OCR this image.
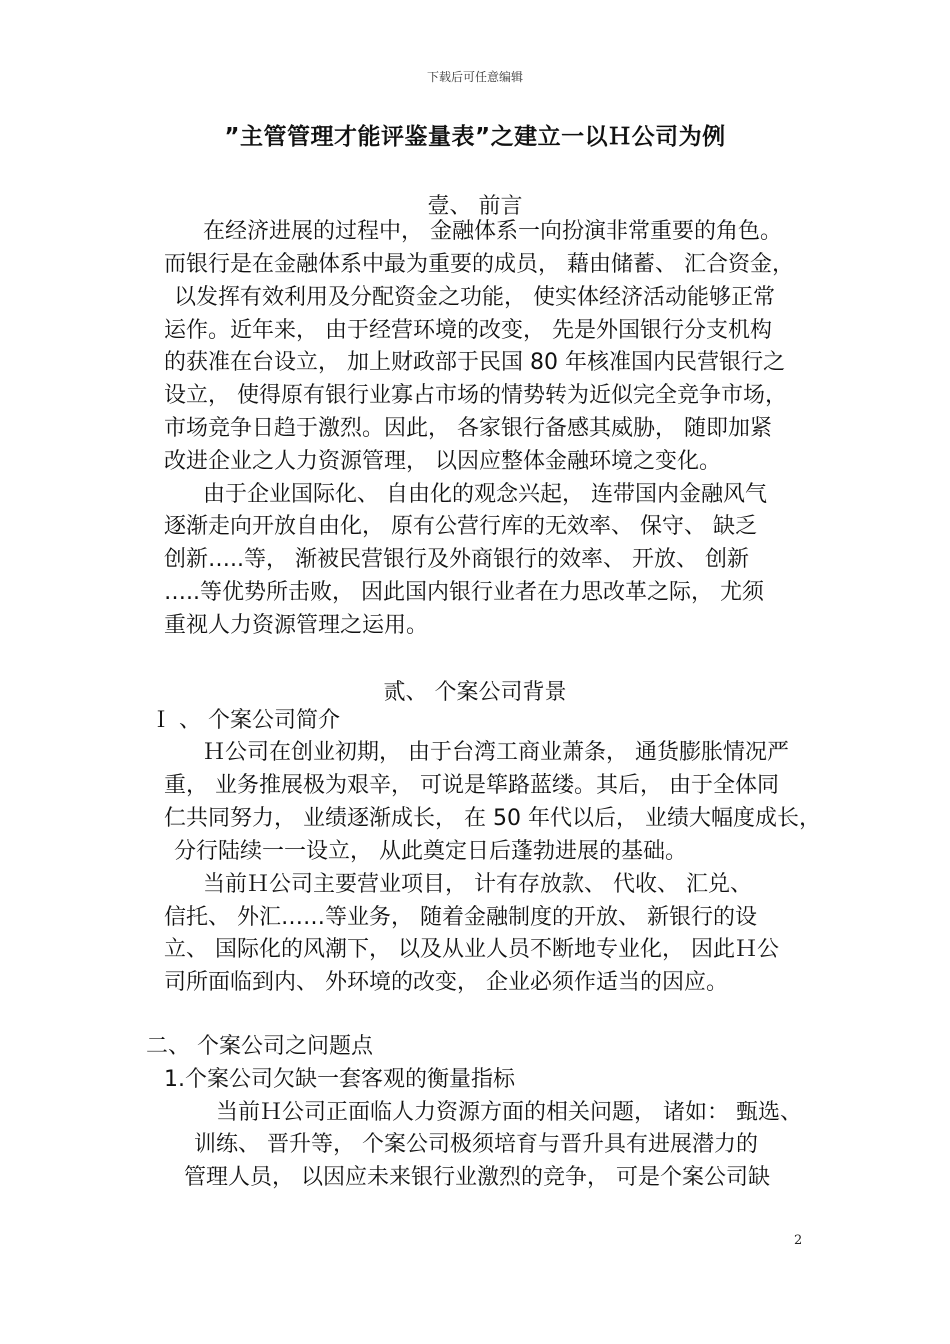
下载后可任意编辑
”主管管理才能评鉴量表”之建立一以Ｈ公司为例
壹、 前言
在经济进展的过程中， 金融体系一向扮演非常重要的角色。
而银行是在金融体系中最为重要的成员， 藉由储蓄、 汇合资金，
以发挥有效利用及分配资金之功能， 使实体经济活动能够正常
运作。近年来， 由于经营环境的改变， 先是外国银行分支机构
的获准在台设立， 加上财政部于民国 80 年核准国内民营银行之
设立， 使得原有银行业寡占市场的情势转为近似完全竞争市场，
市场竞争日趋于激烈。因此， 各家银行备感其威胁， 随即加紧
改进企业之人力资源管理， 以因应整体金融环境之变化。
由于企业国际化、 自由化的观念兴起， 连带国内金融风气
逐渐走向开放自由化， 原有公营行库的无效率、 保守、 缺乏
创新…..等， 渐被民营银行及外商银行的效率、 开放、 创新
…..等优势所击败， 因此国内银行业者在力思改革之际， 尤须
重视人力资源管理之运用。
贰、 个案公司背景
Ｉ 、 个案公司简介
Ｈ公司在创业初期， 由于台湾工商业萧条， 通货膨胀情况严
重， 业务推展极为艰辛， 可说是筚路蓝缕。其后， 由于全体同
仁共同努力， 业绩逐渐成长， 在 50 年代以后， 业绩大幅度成长，
分行陆续一一设立， 从此奠定日后蓬勃进展的基础。
当前Ｈ公司主要营业项目， 计有存放款、 代收、 汇兑、
信托、 外汇……等业务， 随着金融制度的开放、 新银行的设
立、 国际化的风潮下， 以及从业人员不断地专业化， 因此Ｈ公
司所面临到内、 外环境的改变， 企业必须作适当的因应。
二、 个案公司之问题点
1.个案公司欠缺一套客观的衡量指标
当前Ｈ公司正面临人力资源方面的相关问题， 诸如： 甄选、
训练、 晋升等， 个案公司极须培育与晋升具有进展潜力的
管理人员， 以因应未来银行业激烈的竞争， 可是个案公司缺
2
